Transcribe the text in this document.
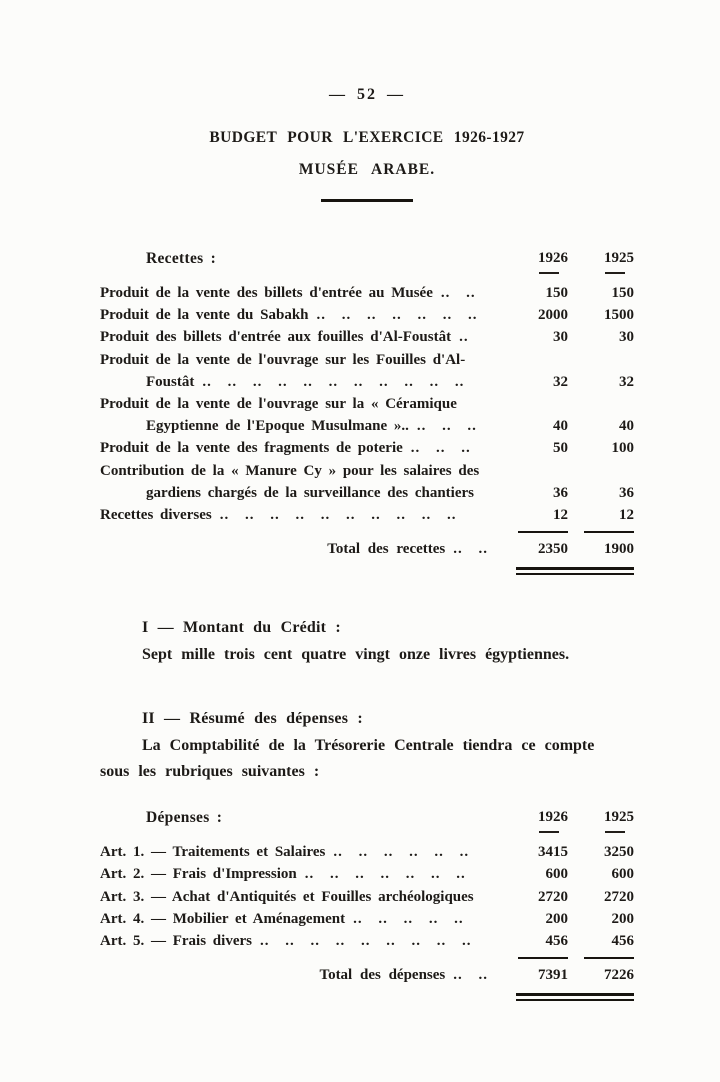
— 52 —
BUDGET POUR L'EXERCICE 1926-1927
MUSÉE ARABE.
Recettes :	1926	1925
Produit de la vente des billets d'entrée au Musée .. ..	150	150
Produit de la vente du Sabakh .. .. .. .. .. .. ..	2000	1500
Produit des billets d'entrée aux fouilles d'Al-Foustât ..	30	30
Produit de la vente de l'ouvrage sur les Fouilles d'Al-
Foustât .. .. .. .. .. .. .. .. .. .. ..	32	32
Produit de la vente de l'ouvrage sur la « Céramique
Egyptienne de l'Epoque Musulmane ».. .. .. ..	40	40
Produit de la vente des fragments de poterie .. .. ..	50	100
Contribution de la « Manure Cy » pour les salaires des
gardiens chargés de la surveillance des chantiers	36	36
Recettes diverses .. .. .. .. .. .. .. .. .. ..	12	12
Total des recettes .. ..	2350	1900
I — Montant du Crédit :
Sept mille trois cent quatre vingt onze livres égyptiennes.
II — Résumé des dépenses :
La Comptabilité de la Trésorerie Centrale tiendra ce compte
sous les rubriques suivantes :
Dépenses :	1926	1925
Art. 1. — Traitements et Salaires .. .. .. .. .. ..	3415	3250
Art. 2. — Frais d'Impression .. .. .. .. .. .. ..	600	600
Art. 3. — Achat d'Antiquités et Fouilles archéologiques	2720	2720
Art. 4. — Mobilier et Aménagement .. .. .. .. ..	200	200
Art. 5. — Frais divers .. .. .. .. .. .. .. .. ..	456	456
Total des dépenses .. ..	7391	7226
